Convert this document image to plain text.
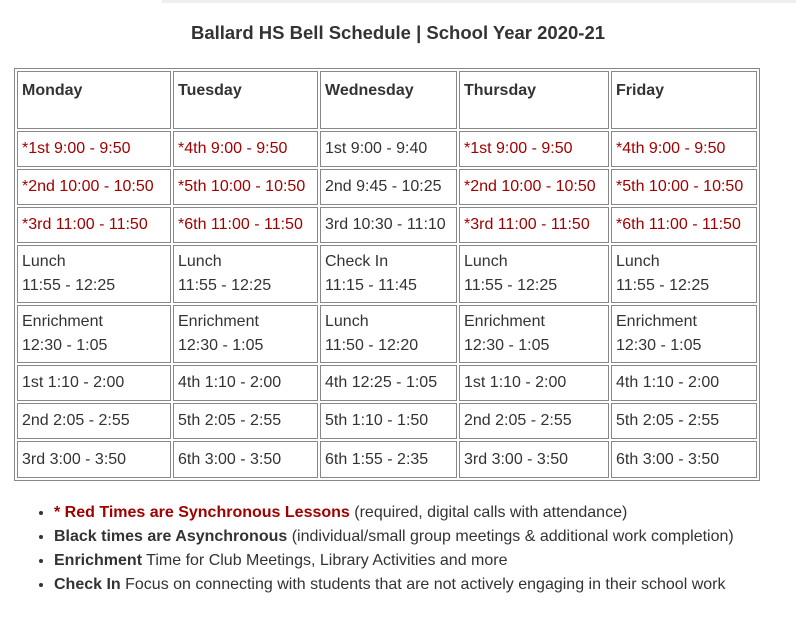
Ballard HS Bell Schedule | School Year 2020-21
Monday	Tuesday	Wednesday	Thursday	Friday

*1st 9:00 - 9:50	*4th 9:00 - 9:50	1st 9:00 - 9:40	*1st 9:00 - 9:50	*4th 9:00 - 9:50

*2nd 10:00 - 10:50	*5th 10:00 - 10:50	2nd 9:45 - 10:25	*2nd 10:00 - 10:50	*5th 10:00 - 10:50

*3rd 11:00 - 11:50	*6th 11:00 - 11:50	3rd 10:30 - 11:10	*3rd 11:00 - 11:50	*6th 11:00 - 11:50

Lunch
11:55 - 12:25	Lunch
11:55 - 12:25	Check In
11:15 - 11:45	Lunch
11:55 - 12:25	Lunch
11:55 - 12:25

Enrichment
12:30 - 1:05	Enrichment
12:30 - 1:05	Lunch
11:50 - 12:20	Enrichment
12:30 - 1:05	Enrichment
12:30 - 1:05

1st 1:10 - 2:00	4th 1:10 - 2:00	4th 12:25 - 1:05	1st 1:10 - 2:00	4th 1:10 - 2:00

2nd 2:05 - 2:55	5th 2:05 - 2:55	5th 1:10 - 1:50	2nd 2:05 - 2:55	5th 2:05 - 2:55

3rd 3:00 - 3:50	6th 3:00 - 3:50	6th 1:55 - 2:35	3rd 3:00 - 3:50	6th 3:00 - 3:50
• * Red Times are Synchronous Lessons (required, digital calls with attendance)
• Black times are Asynchronous (individual/small group meetings & additional work completion)
• Enrichment Time for Club Meetings, Library Activities and more
• Check In Focus on connecting with students that are not actively engaging in their school work
